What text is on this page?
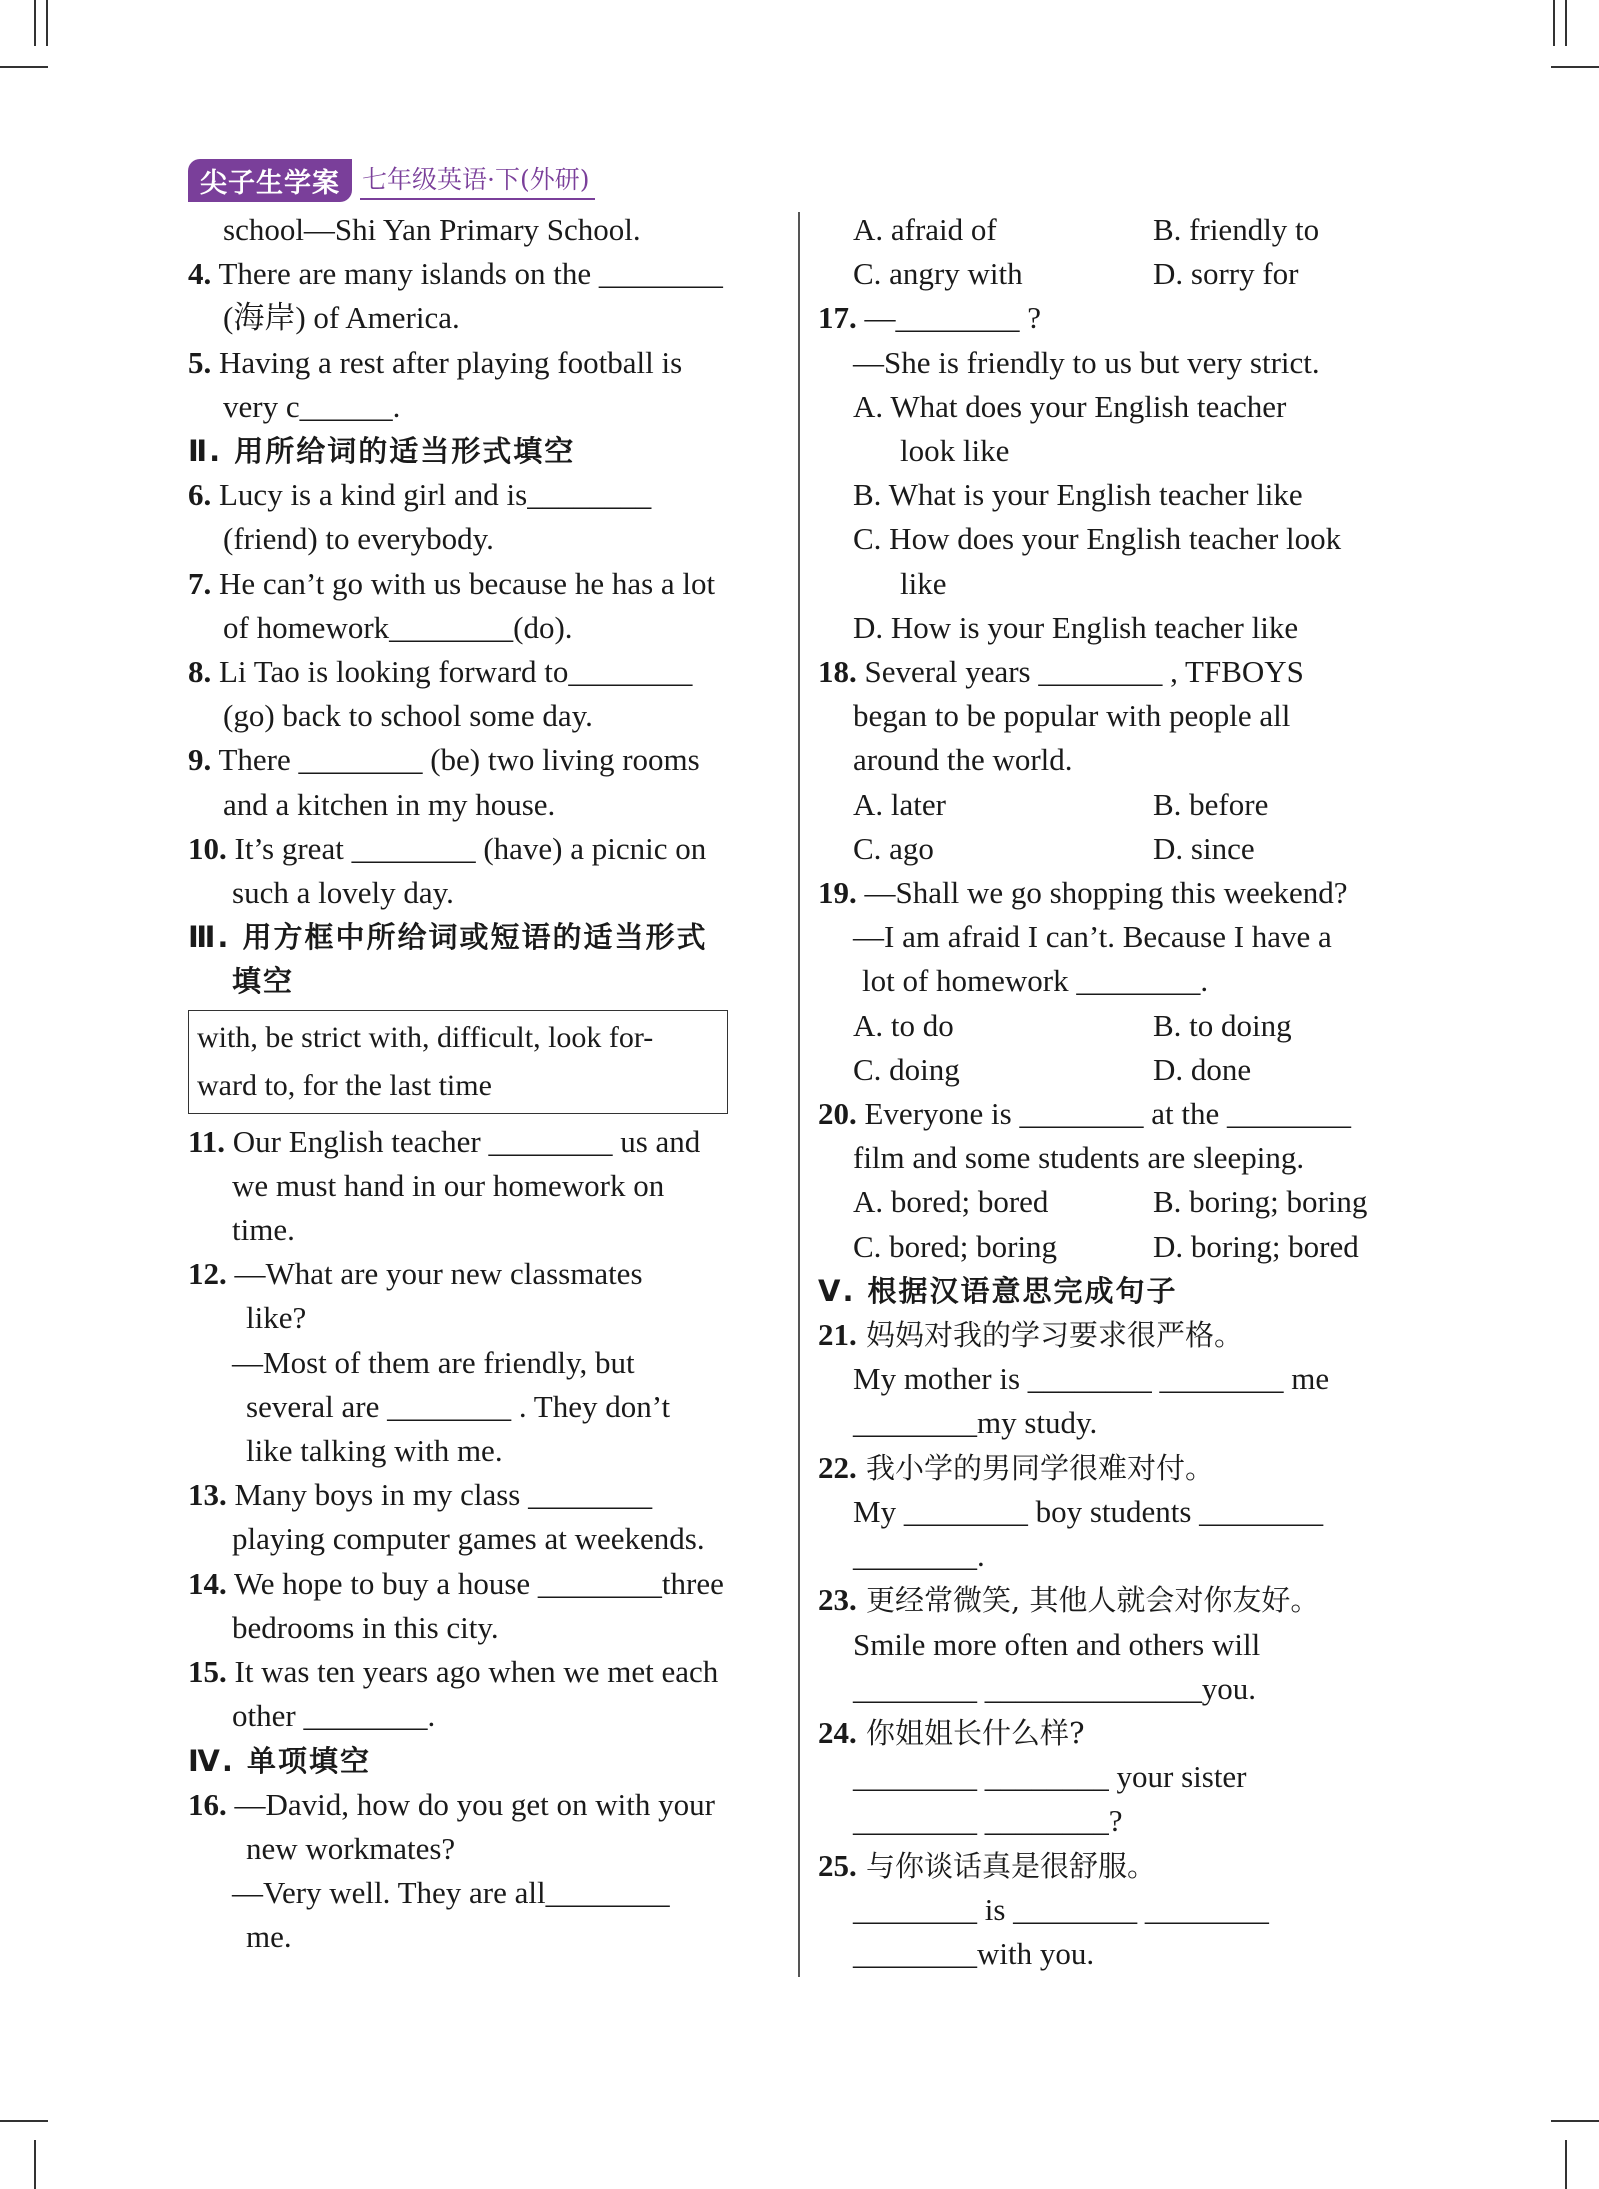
尖子生学案 七年级英语·下(外研)
school—Shi Yan Primary School.
4. There are many islands on the ________
(海岸) of America.
5. Having a rest after playing football is
very c______.
Ⅱ. 用所给词的适当形式填空
6. Lucy is a kind girl and is________
(friend) to everybody.
7. He can’t go with us because he has a lot
of homework________(do).
8. Li Tao is looking forward to________
(go) back to school some day.
9. There ________ (be) two living rooms
and a kitchen in my house.
10. It’s great ________ (have) a picnic on
such a lovely day.
Ⅲ. 用方框中所给词或短语的适当形式
填空
with, be strict with, difficult, look for-
ward to, for the last time
11. Our English teacher ________ us and
we must hand in our homework on
time.
12. —What are your new classmates
like?
—Most of them are friendly, but
several are ________ . They don’t
like talking with me.
13. Many boys in my class ________
playing computer games at weekends.
14. We hope to buy a house ________three
bedrooms in this city.
15. It was ten years ago when we met each
other ________.
Ⅳ. 单项填空
16. —David, how do you get on with your
new workmates?
—Very well. They are all________
me.
A. afraid of	B. friendly to
C. angry with	D. sorry for
17. —________ ?
—She is friendly to us but very strict.
A. What does your English teacher
look like
B. What is your English teacher like
C. How does your English teacher look
like
D. How is your English teacher like
18. Several years ________ , TFBOYS
began to be popular with people all
around the world.
A. later	B. before
C. ago	D. since
19. —Shall we go shopping this weekend?
—I am afraid I can’t. Because I have a
lot of homework ________.
A. to do	B. to doing
C. doing	D. done
20. Everyone is ________ at the ________
film and some students are sleeping.
A. bored; bored	B. boring; boring
C. bored; boring	D. boring; bored
Ⅴ. 根据汉语意思完成句子
21. 妈妈对我的学习要求很严格。
My mother is ________ ________ me
________my study.
22. 我小学的男同学很难对付。
My ________ boy students ________
________.
23. 更经常微笑, 其他人就会对你友好。
Smile more often and others will
________ ______________you.
24. 你姐姐长什么样?
________ ________ your sister
________ ________?
25. 与你谈话真是很舒服。
________ is ________ ________
________with you.
